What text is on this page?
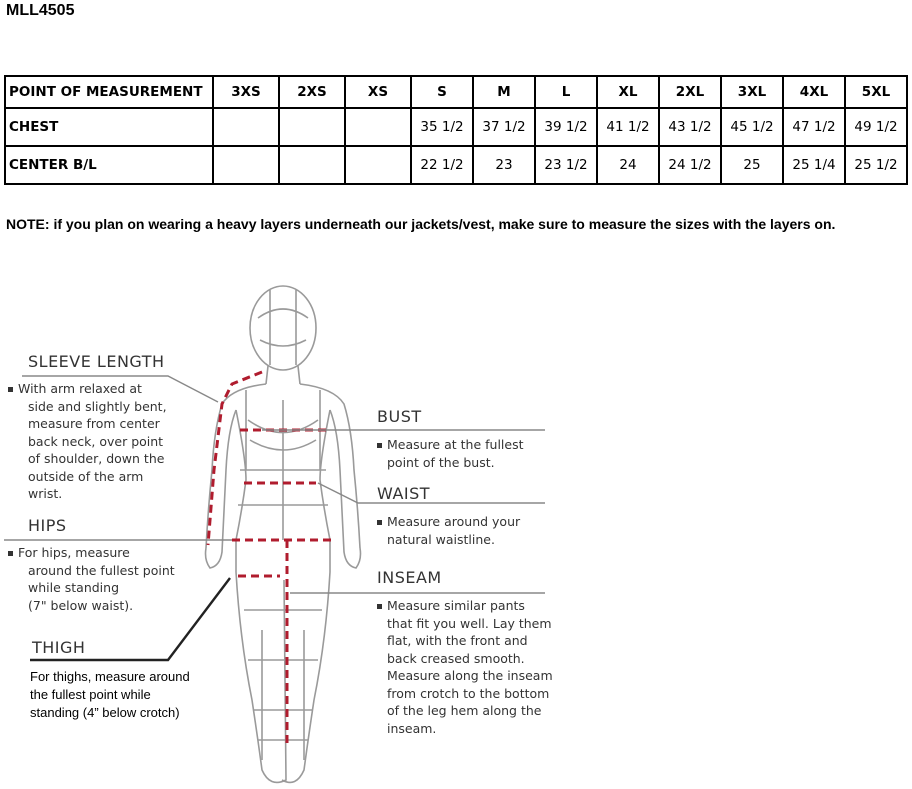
MLL4505
POINT OF MEASUREMENT	3XS	2XS	XS	S	M	L	XL	2XL	3XL	4XL	5XL
CHEST				35 1/2	37 1/2	39 1/2	41 1/2	43 1/2	45 1/2	47 1/2	49 1/2
CENTER B/L				22 1/2	23	23 1/2	24	24 1/2	25	25 1/4	25 1/2
NOTE: if you plan on wearing a heavy layers underneath our jackets/vest, make sure to measure the sizes with the layers on.
SLEEVE LENGTH
With arm relaxed at
side and slightly bent,
measure from center
back neck, over point
of shoulder, down the
outside of the arm
wrist.
HIPS
For hips, measure
around the fullest point
while standing
(7" below waist).
THIGH
For thighs, measure around
the fullest point while
standing (4” below crotch)
BUST
Measure at the fullest
point of the bust.
WAIST
Measure around your
natural waistline.
INSEAM
Measure similar pants
that fit you well. Lay them
flat, with the front and
back creased smooth.
Measure along the inseam
from crotch to the bottom
of the leg hem along the
inseam.
